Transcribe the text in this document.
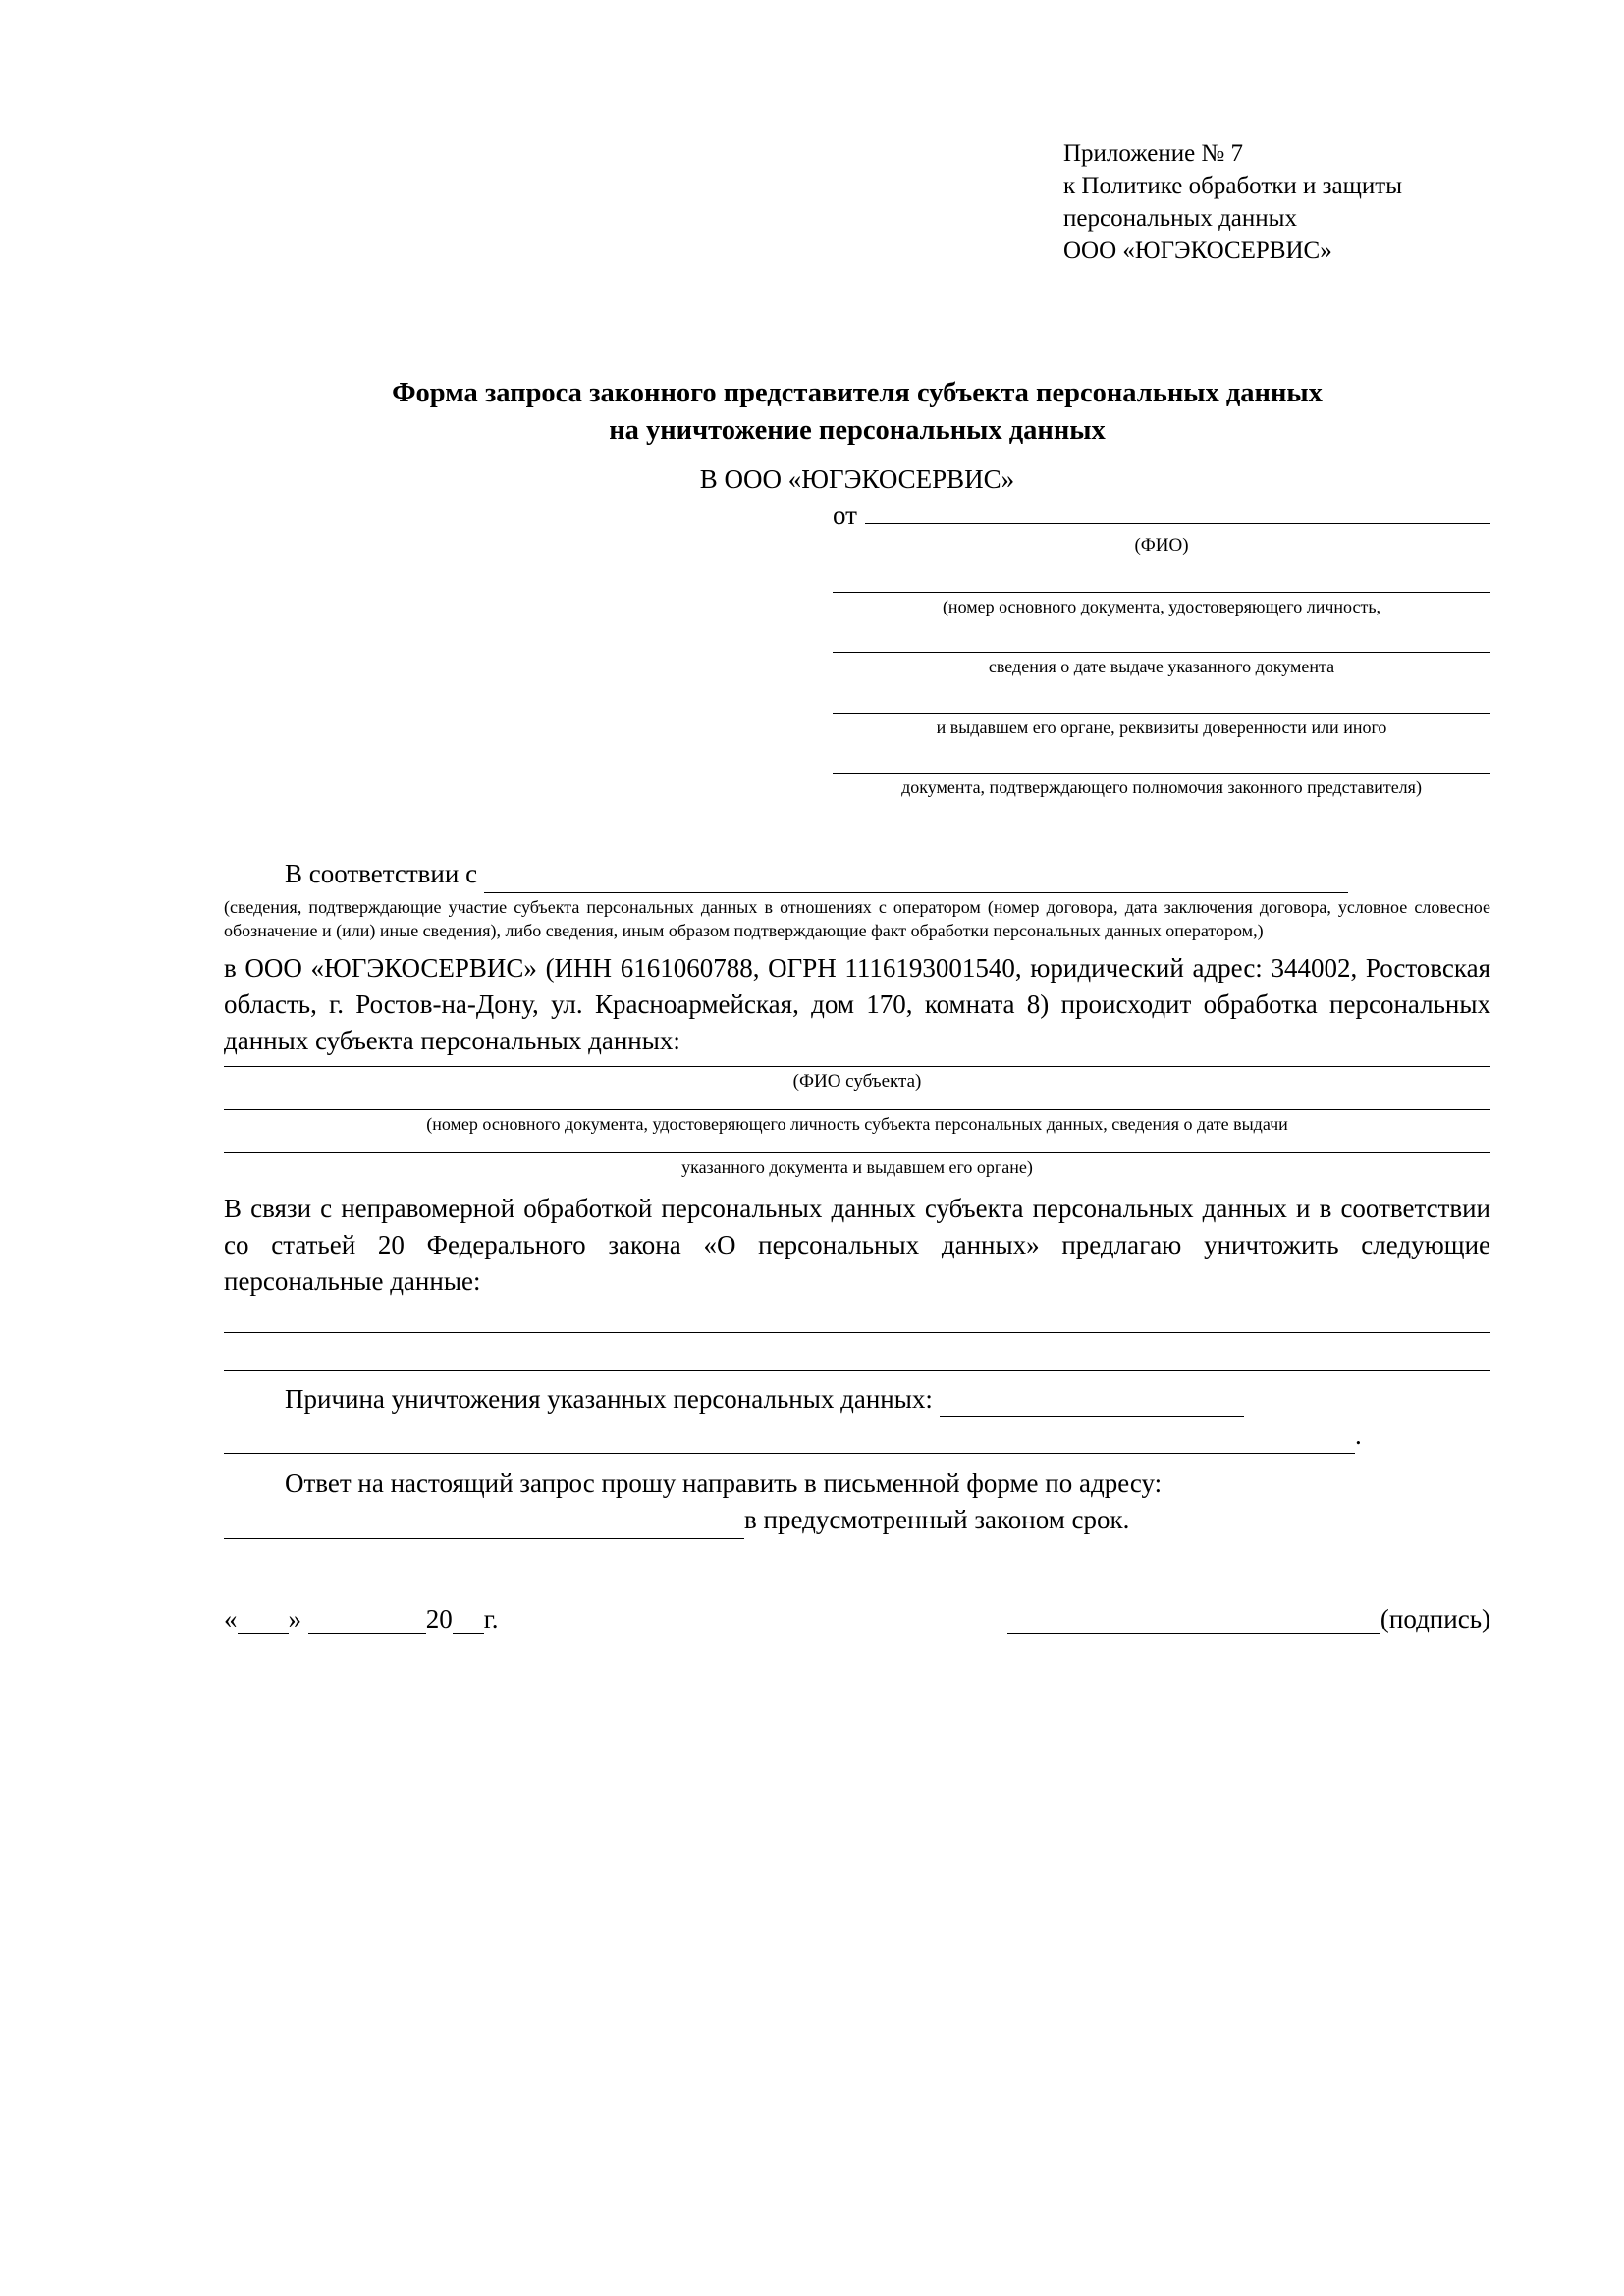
Приложение № 7
к Политике обработки и защиты
персональных данных
ООО «ЮГЭКОСЕРВИС»
Форма запроса законного представителя субъекта персональных данных
на уничтожение персональных данных
В ООО «ЮГЭКОСЕРВИС»
от
(ФИО)
(номер основного документа, удостоверяющего личность,
сведения о дате выдаче указанного документа
и выдавшем его органе, реквизиты доверенности или иного
документа, подтверждающего полномочия законного представителя)
В соответствии с
(сведения, подтверждающие участие субъекта персональных данных в отношениях с оператором (номер договора, дата заключения договора, условное словесное обозначение и (или) иные сведения), либо сведения, иным образом подтверждающие факт обработки персональных данных оператором,)
в ООО «ЮГЭКОСЕРВИС» (ИНН 6161060788, ОГРН 1116193001540, юридический адрес: 344002, Ростовская область, г. Ростов-на-Дону, ул. Красноармейская, дом 170, комната 8) происходит обработка персональных данных субъекта персональных данных:
(ФИО субъекта)
(номер основного документа, удостоверяющего личность субъекта персональных данных, сведения о дате выдачи
указанного документа и выдавшем его органе)
В связи с неправомерной обработкой персональных данных субъекта персональных данных и в соответствии со статьей 20 Федерального закона «О персональных данных» предлагаю уничтожить следующие персональные данные:
Причина уничтожения указанных персональных данных:
.
Ответ на настоящий запрос прошу направить в письменной форме по адресу:
в предусмотренный законом срок.
« »	20 г.	(подпись)
